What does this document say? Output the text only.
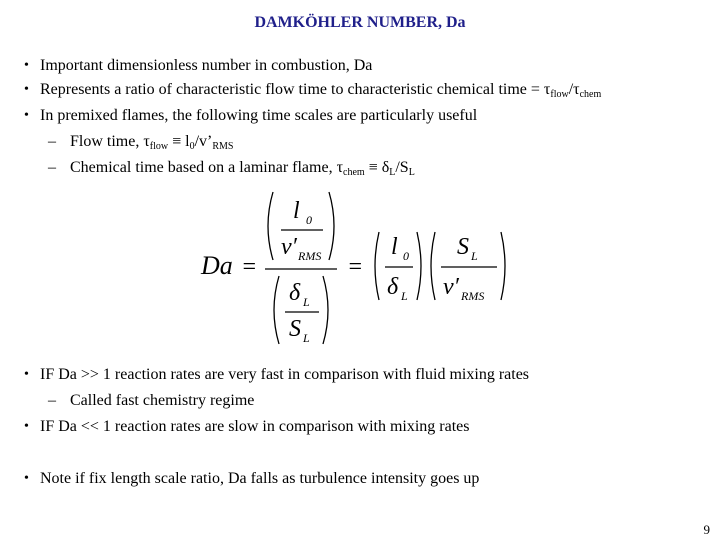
DAMKÖHLER NUMBER, Da
• Important dimensionless number in combustion, Da
• Represents a ratio of characteristic flow time to characteristic chemical time = $\tau_{flow}/\tau_{chem}$
• In premixed flames, the following time scales are particularly useful
– Flow time, $\tau_{flow}$ ≡ $l_0/v’_{RMS}$
– Chemical time based on a laminar flame, $\tau_{chem} \equiv \delta_L/S_L$
Da =
l 0
v′ RMS
δ L
S L
=
l 0
δ L
S L
v′ RMS
• IF Da >> 1 reaction rates are very fast in comparison with fluid mixing rates
– Called fast chemistry regime
• IF Da << 1 reaction rates are slow in comparison with mixing rates
• Note if fix length scale ratio, Da falls as turbulence intensity goes up
9
